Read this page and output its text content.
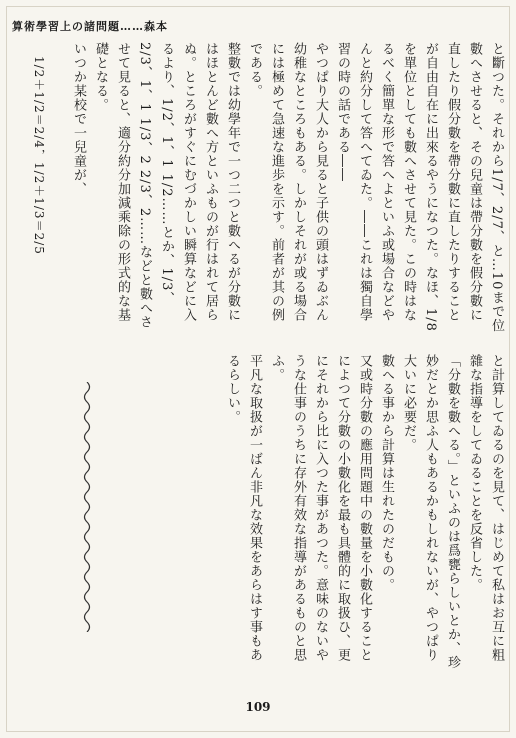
算術學習上の諸問題……森本

と斷つた。それから1/7、2/7、と…10まで位數へさせると、その兒童は帶分數を假分數に直したり假分數を帶分數に直したりすることが自由自在に出來るやうになつた。なほ、1/8を單位としても數へさせて見た。この時はなるべく簡單な形で答へよといふ或場合などやんと約分して答へてゐた。――これは獨自學習の時の話である――

やつぱり大人から見ると子供の頭はずゐぶん幼稚なところもある。しかしそれが或る場合には極めて急速な進歩を示す。前者が其の例である。

整數では幼學年で一つ二つと數へるが分數にはほとんど數へ方といふものが行はれて居らぬ。ところがすぐにむづかしい瞬算などに入るより、1/2、1、1 1/2……とか、1/3、2/3、1、1 1/3、2 2/3、2……などと數へさせて見ると、適分約分加減乘除の形式的な基礎となる。

いつか某校で一兒童が、

1/2＋1/2＝2/4，1/2＋1/3＝2/5

と計算してゐるのを見て、はじめて私はお互に粗雜な指導をしてゐることを反省した。

「分數を數へる。」といふのは爲甕らしいとか、珍妙だとか思ふ人もあるかもしれないが、やつぱり大いに必要だ。

數へる事から計算は生れたのだもの。

又或時分數の應用問題中の數量を小數化することによつて分數の小數化を最も具體的に取扱ひ、更にそれから比に入つた事があつた。意味のないやうな仕事のうちに存外有效な指導があるものと思ふ。

平凡な取扱が一ばん非凡な效果をあらはす事もあるらしい。

109
